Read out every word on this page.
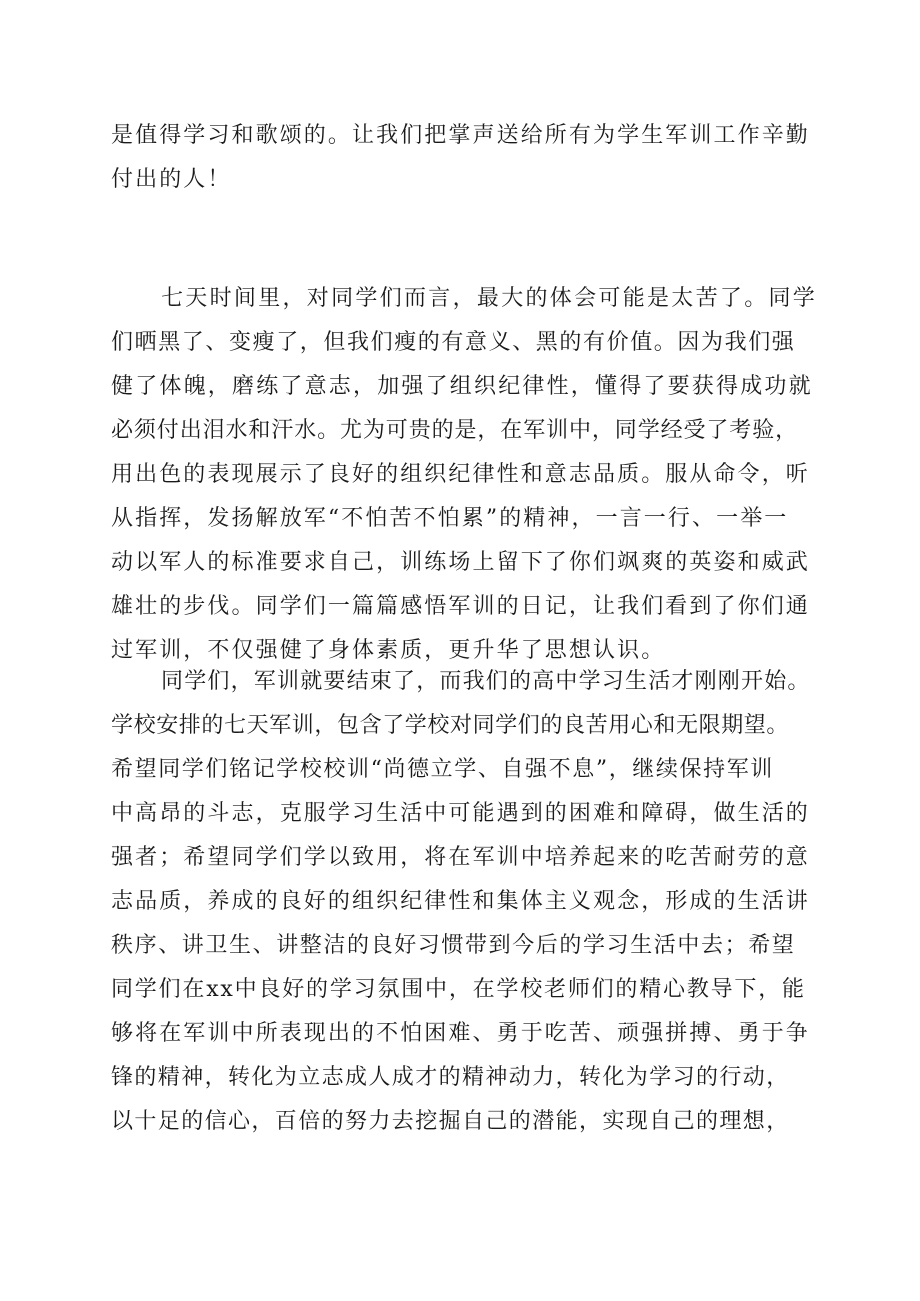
是值得学习和歌颂的。让我们把掌声送给所有为学生军训工作辛勤
付出的人！
七天时间里，对同学们而言，最大的体会可能是太苦了。同学
们晒黑了、变瘦了，但我们瘦的有意义、黑的有价值。因为我们强
健了体魄，磨练了意志，加强了组织纪律性，懂得了要获得成功就
必须付出泪水和汗水。尤为可贵的是，在军训中，同学经受了考验，
用出色的表现展示了良好的组织纪律性和意志品质。服从命令，听
从指挥，发扬解放军“不怕苦不怕累”的精神，一言一行、一举一
动以军人的标准要求自己，训练场上留下了你们飒爽的英姿和威武
雄壮的步伐。同学们一篇篇感悟军训的日记，让我们看到了你们通
过军训，不仅强健了身体素质，更升华了思想认识。
同学们，军训就要结束了，而我们的高中学习生活才刚刚开始。
学校安排的七天军训，包含了学校对同学们的良苦用心和无限期望。
希望同学们铭记学校校训“尚德立学、自强不息”，继续保持军训
中高昂的斗志，克服学习生活中可能遇到的困难和障碍，做生活的
强者；希望同学们学以致用，将在军训中培养起来的吃苦耐劳的意
志品质，养成的良好的组织纪律性和集体主义观念，形成的生活讲
秩序、讲卫生、讲整洁的良好习惯带到今后的学习生活中去；希望
同学们在xx中良好的学习氛围中，在学校老师们的精心教导下，能
够将在军训中所表现出的不怕困难、勇于吃苦、顽强拼搏、勇于争
锋的精神，转化为立志成人成才的精神动力，转化为学习的行动，
以十足的信心，百倍的努力去挖掘自己的潜能，实现自己的理想，
